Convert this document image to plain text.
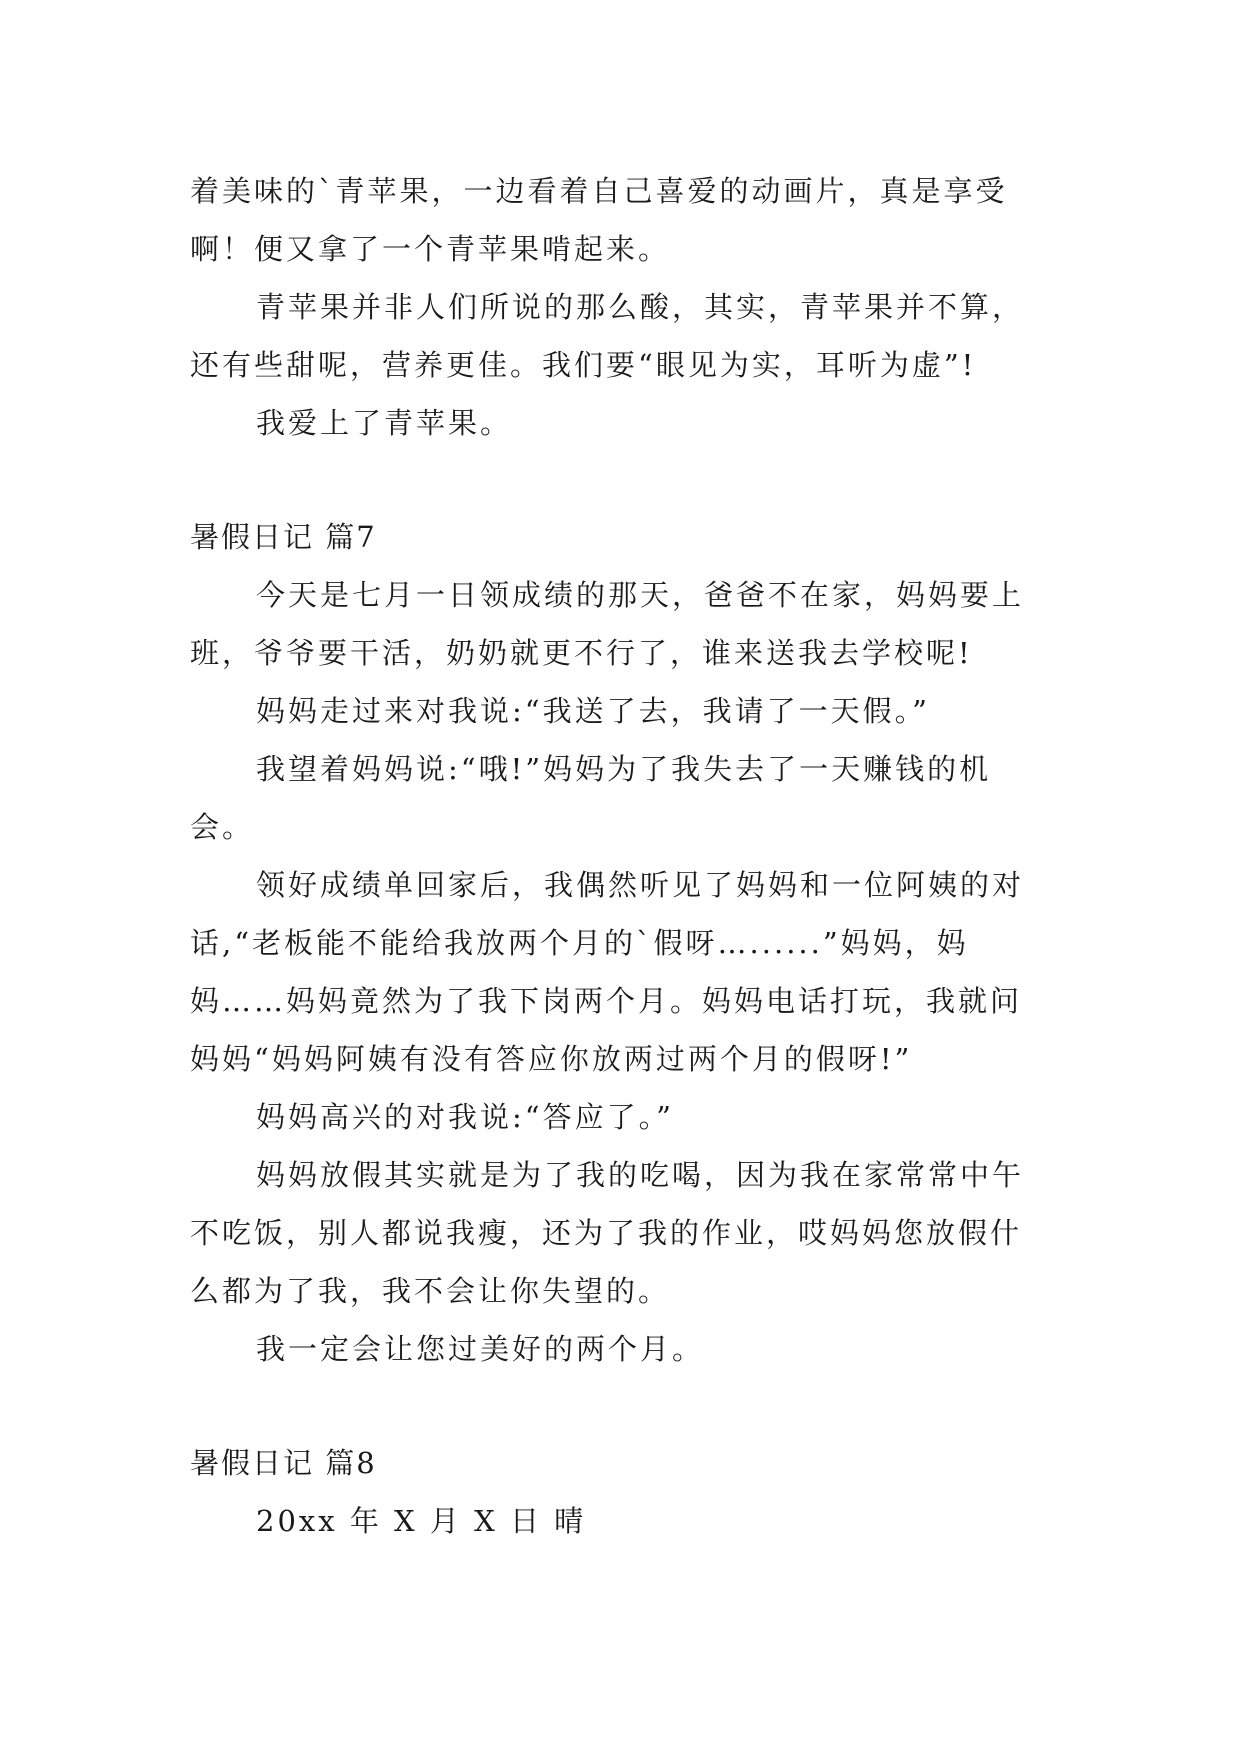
着美味的`青苹果，一边看着自己喜爱的动画片，真是享受
啊！便又拿了一个青苹果啃起来。
青苹果并非人们所说的那么酸，其实，青苹果并不算，
还有些甜呢，营养更佳。我们要“眼见为实，耳听为虚”!
我爱上了青苹果。
暑假日记 篇7
今天是七月一日领成绩的那天，爸爸不在家，妈妈要上
班，爷爷要干活，奶奶就更不行了，谁来送我去学校呢!
妈妈走过来对我说:“我送了去，我请了一天假。”
我望着妈妈说:“哦!”妈妈为了我失去了一天赚钱的机
会。
领好成绩单回家后，我偶然听见了妈妈和一位阿姨的对
话,“老板能不能给我放两个月的`假呀…......”妈妈，妈
妈……妈妈竟然为了我下岗两个月。妈妈电话打玩，我就问
妈妈“妈妈阿姨有没有答应你放两过两个月的假呀!”
妈妈高兴的对我说:“答应了。”
妈妈放假其实就是为了我的吃喝，因为我在家常常中午
不吃饭，别人都说我瘦，还为了我的作业，哎妈妈您放假什
么都为了我，我不会让你失望的。
我一定会让您过美好的两个月。
暑假日记 篇8
20xx 年 X 月 X 日 晴
